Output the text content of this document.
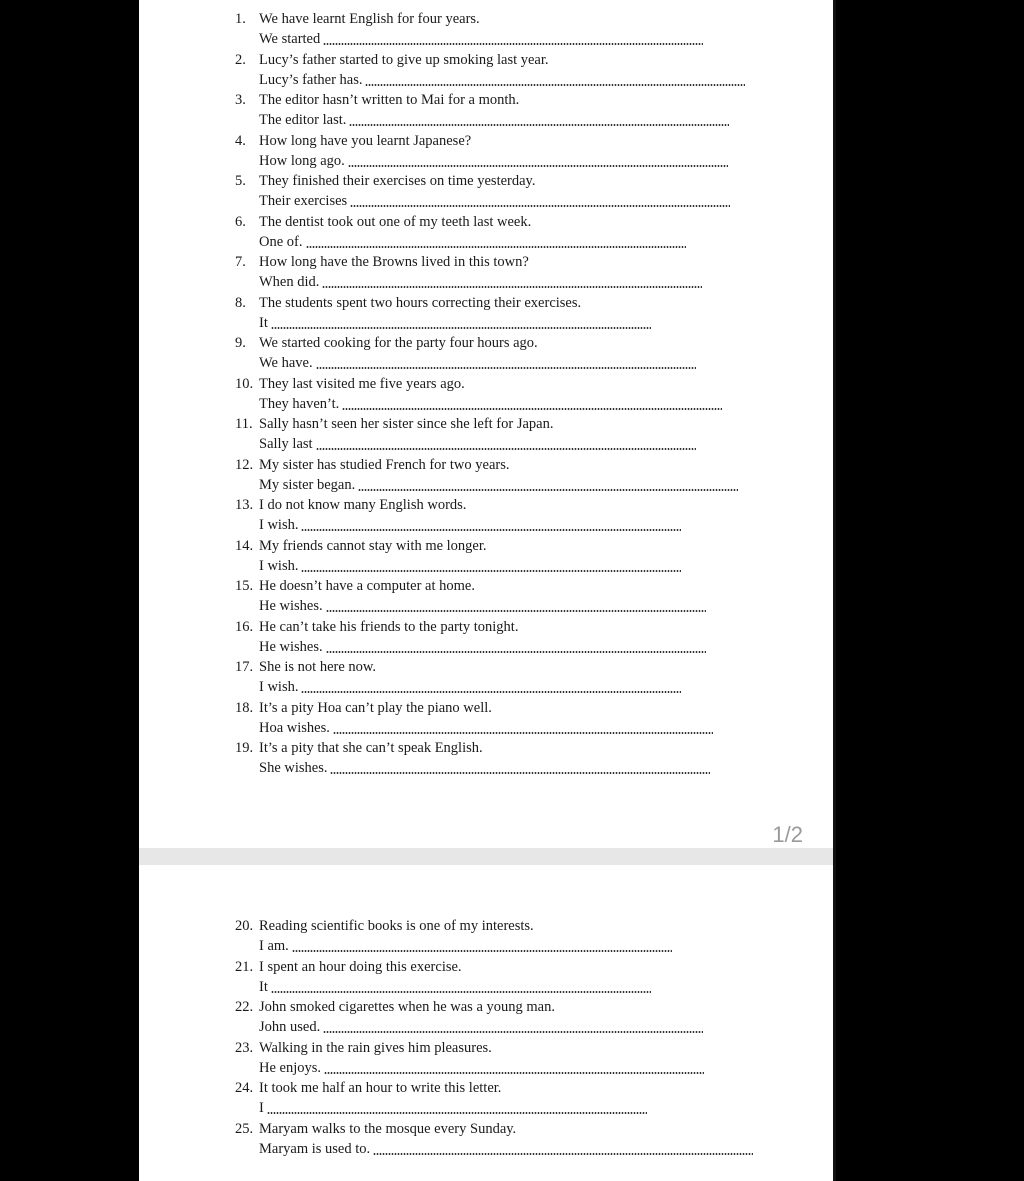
1. We have learnt English for four years.
We started
2. Lucy’s father started to give up smoking last year.
Lucy’s father has.
3. The editor hasn’t written to Mai for a month.
The editor last.
4. How long have you learnt Japanese?
How long ago.
5. They finished their exercises on time yesterday.
Their exercises
6. The dentist took out one of my teeth last week.
One of.
7. How long have the Browns lived in this town?
When did.
8. The students spent two hours correcting their exercises.
It
9. We started cooking for the party four hours ago.
We have.
10. They last visited me five years ago.
They haven’t.
11. Sally hasn’t seen her sister since she left for Japan.
Sally last
12. My sister has studied French for two years.
My sister began.
13. I do not know many English words.
I wish.
14. My friends cannot stay with me longer.
I wish.
15. He doesn’t have a computer at home.
He wishes.
16. He can’t take his friends to the party tonight.
He wishes.
17. She is not here now.
I wish.
18. It’s a pity Hoa can’t play the piano well.
Hoa wishes.
19. It’s a pity that she can’t speak English.
She wishes.
1/2
20. Reading scientific books is one of my interests.
I am.
21. I spent an hour doing this exercise.
It
22. John smoked cigarettes when he was a young man.
John used.
23. Walking in the rain gives him pleasures.
He enjoys.
24. It took me half an hour to write this letter.
I
25. Maryam walks to the mosque every Sunday.
Maryam is used to.
